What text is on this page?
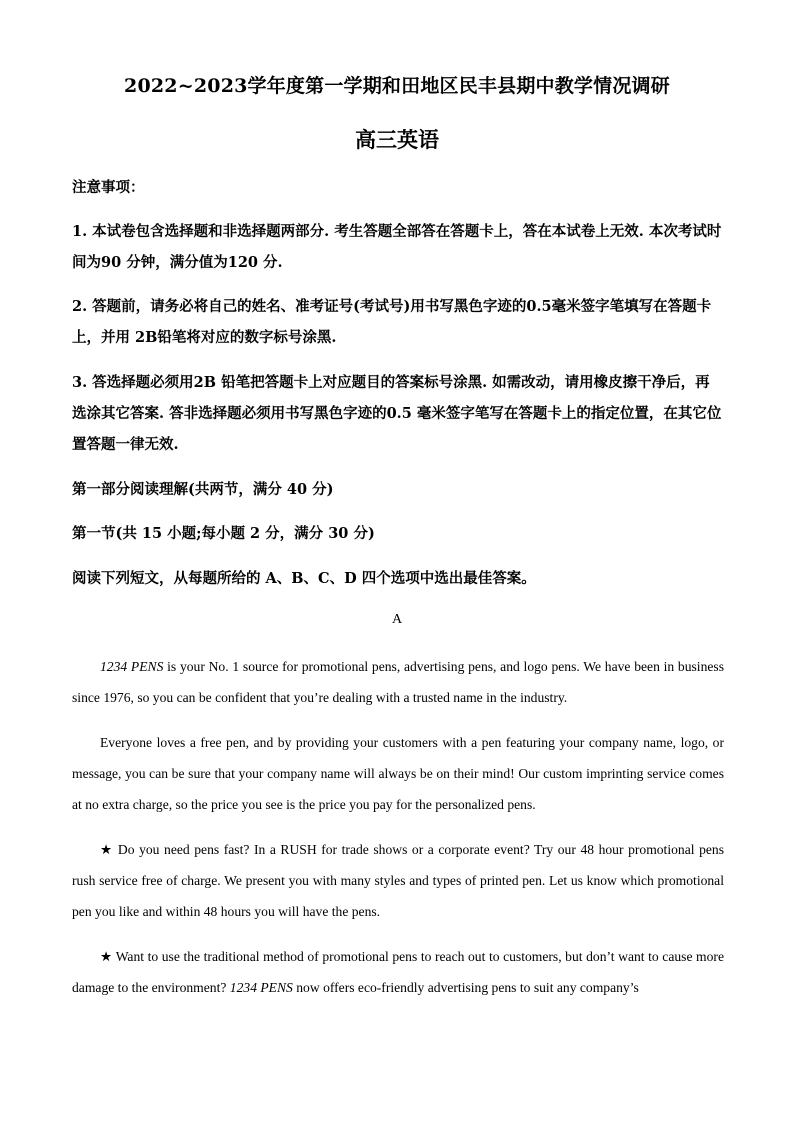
2022~2023学年度第一学期和田地区民丰县期中教学情况调研
高三英语
注意事项：
1. 本试卷包含选择题和非选择题两部分. 考生答题全部答在答题卡上，答在本试卷上无效. 本次考试时间为90 分钟，满分值为120 分.
2. 答题前，请务必将自己的姓名、准考证号(考试号)用书写黑色字迹的0.5毫米签字笔填写在答题卡上，并用 2B铅笔将对应的数字标号涂黑.
3. 答选择题必须用2B 铅笔把答题卡上对应题目的答案标号涂黑. 如需改动，请用橡皮擦干净后，再选涂其它答案. 答非选择题必须用书写黑色字迹的0.5 毫米签字笔写在答题卡上的指定位置，在其它位置答题一律无效.
第一部分阅读理解(共两节，满分 40 分)
第一节(共 15 小题;每小题 2 分，满分 30 分)
阅读下列短文，从每题所给的 A、B、C、D 四个选项中选出最佳答案。
A

1234 PENS is your No. 1 source for promotional pens, advertising pens, and logo pens. We have been in business since 1976, so you can be confident that you’re dealing with a trusted name in the industry.

Everyone loves a free pen, and by providing your customers with a pen featuring your company name, logo, or message, you can be sure that your company name will always be on their mind! Our custom imprinting service comes at no extra charge, so the price you see is the price you pay for the personalized pens.

★ Do you need pens fast? In a RUSH for trade shows or a corporate event? Try our 48 hour promotional pens rush service free of charge. We present you with many styles and types of printed pen. Let us know which promotional pen you like and within 48 hours you will have the pens.

★ Want to use the traditional method of promotional pens to reach out to customers, but don’t want to cause more damage to the environment? 1234 PENS now offers eco-friendly advertising pens to suit any company’s
